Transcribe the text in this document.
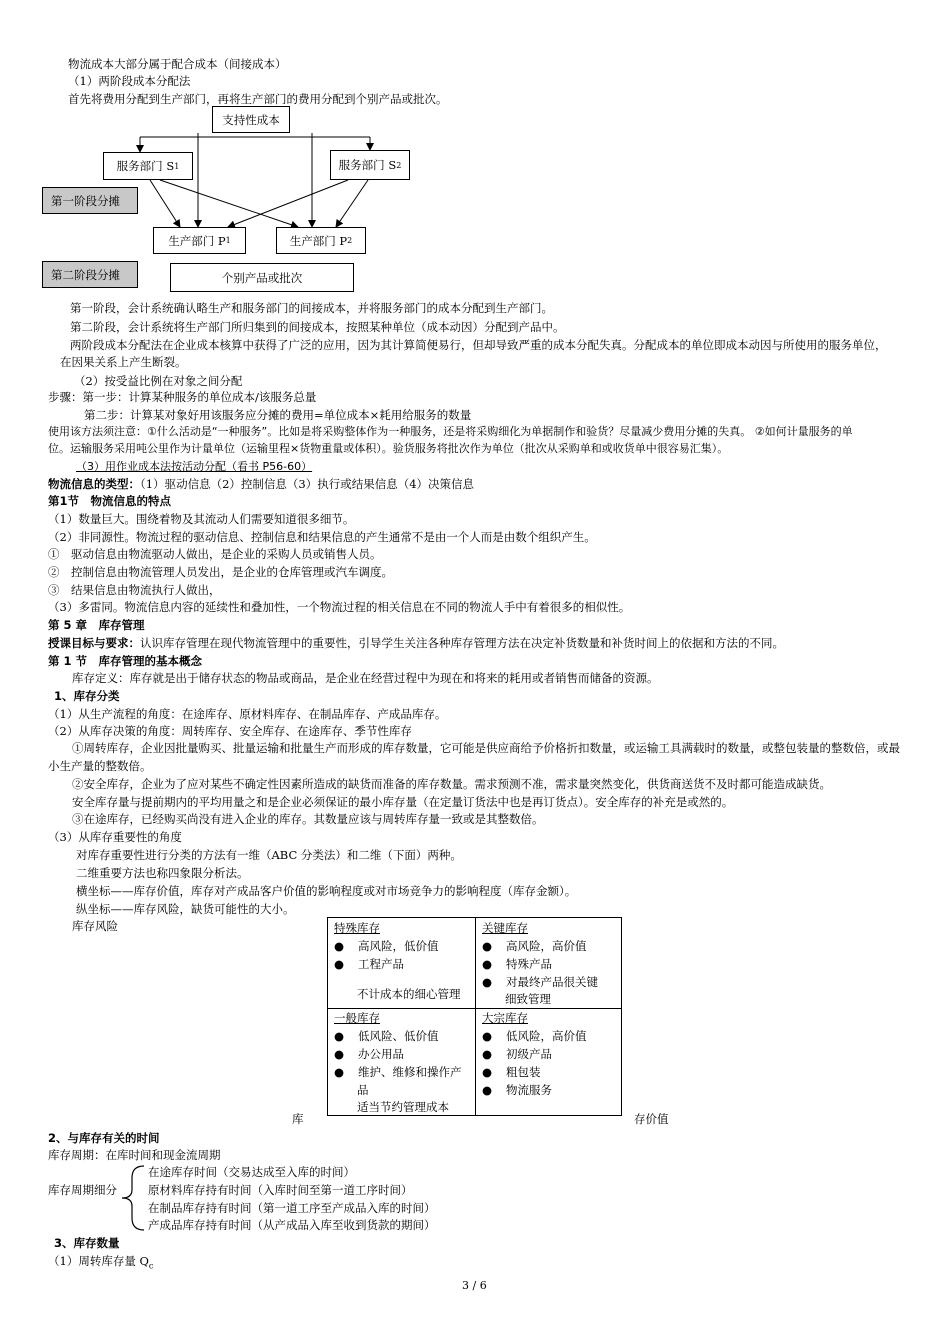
物流成本大部分属于配合成本（间接成本）
（1）两阶段成本分配法
首先将费用分配到生产部门，再将生产部门的费用分配到个别产品或批次。
支持性成本
服务部门 S 1	服务部门 S 2
第一阶段分摊
生产部门 P 1	生产部门 P 2
第二阶段分摊	个别产品或批次
第一阶段，会计系统确认略生产和服务部门的间接成本，并将服务部门的成本分配到生产部门。
第二阶段，会计系统将生产部门所归集到的间接成本，按照某种单位（成本动因）分配到产品中。
两阶段成本分配法在企业成本核算中获得了广泛的应用，因为其计算简便易行，但却导致严重的成本分配失真。分配成本的单位即成本动因与所使用的服务单位，
在因果关系上产生断裂。
（2）按受益比例在对象之间分配
步骤：第一步：计算某种服务的单位成本/该服务总量
第二步：计算某对象好用该服务应分摊的费用=单位成本×耗用给服务的数量
使用该方法须注意：①什么活动是“一种服务”。比如是将采购整体作为一种服务，还是将采购细化为单据制作和验货？尽量减少费用分摊的失真。 ②如何计量服务的单
位。运输服务采用吨公里作为计量单位（运输里程×货物重量或体积）。验货服务将批次作为单位（批次从采购单和或收货单中很容易汇集）。
（3）用作业成本法按活动分配（看书 P56-60）
物流信息的类型：（1）驱动信息（2）控制信息（3）执行或结果信息（4）决策信息
第1节　物流信息的特点
（1）数量巨大。围绕着物及其流动人们需要知道很多细节。
（2）非同源性。物流过程的驱动信息、控制信息和结果信息的产生通常不是由一个人而是由数个组织产生。
①　驱动信息由物流驱动人做出，是企业的采购人员或销售人员。
②　控制信息由物流管理人员发出，是企业的仓库管理或汽车调度。
③　结果信息由物流执行人做出，
（3）多雷同。物流信息内容的延续性和叠加性，一个物流过程的相关信息在不同的物流人手中有着很多的相似性。
第 5 章　库存管理
授课目标与要求：认识库存管理在现代物流管理中的重要性，引导学生关注各种库存管理方法在决定补货数量和补货时间上的依据和方法的不同。
第 1 节　库存管理的基本概念
库存定义：库存就是出于储存状态的物品或商品，是企业在经营过程中为现在和将来的耗用或者销售而储备的资源。
1、库存分类
（1）从生产流程的角度：在途库存、原材料库存、在制品库存、产成品库存。
（2）从库存决策的角度：周转库存、安全库存、在途库存、季节性库存
①周转库存，企业因批量购买、批量运输和批量生产而形成的库存数量，它可能是供应商给予价格折扣数量，或运输工具满载时的数量，或整包装量的整数倍，或最
小生产量的整数倍。
②安全库存，企业为了应对某些不确定性因素所造成的缺货而准备的库存数量。需求预测不准，需求量突然变化，供货商送货不及时都可能造成缺货。
安全库存量与提前期内的平均用量之和是企业必须保证的最小库存量（在定量订货法中也是再订货点）。安全库存的补充是或然的。
③在途库存，已经购买尚没有进入企业的库存。其数量应该与周转库存量一致或是其整数倍。
（3）从库存重要性的角度
对库存重要性进行分类的方法有一维（ABC 分类法）和二维（下面）两种。
二维重要方法也称四象限分析法。
横坐标——库存价值，库存对产成品客户价值的影响程度或对市场竞争力的影响程度（库存金额）。
纵坐标——库存风险，缺货可能性的大小。
库存风险	特殊库存
● 高风险，低价值
● 工程产品
不计成本的细心管理
关键库存
● 高风险，高价值
● 特殊产品
● 对最终产品很关键
细致管理
一般库存
● 低风险、低价值
● 办公用品
● 维护、维修和操作产
品
适当节约管理成本
大宗库存
● 低风险，高价值
● 初级产品
● 粗包装
● 物流服务
库	存价值
2、与库存有关的时间
库存周期：在库时间和现金流周期
库存周期细分
在途库存时间（交易达成至入库的时间）
原材料库存持有时间（入库时间至第一道工序时间）
在制品库存持有时间（第一道工序至产成品入库的时间）
产成品库存持有时间（从产成品入库至收到货款的期间）
3、库存数量
（1）周转库存量 $Q_c$
3 / 6
